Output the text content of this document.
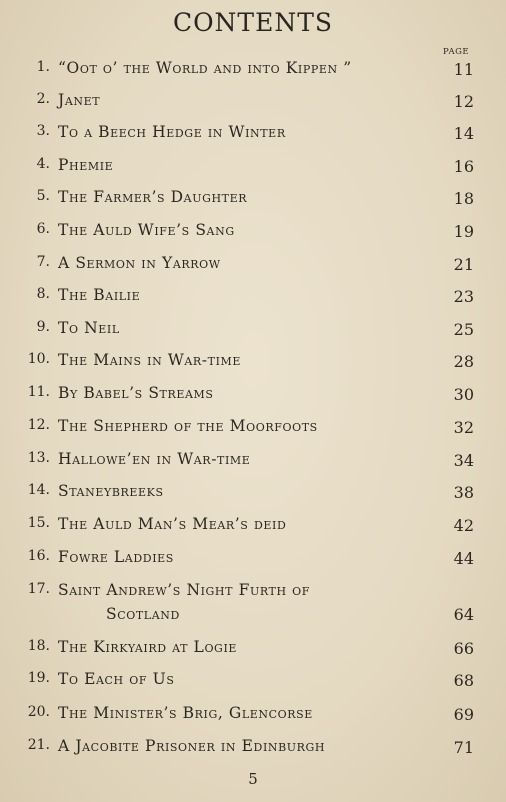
CONTENTS
PAGE
1. “Oot o’ the World and into Kippen ”	11
2. Janet	12
3. To a Beech Hedge in Winter	14
4. Phemie	16
5. The Farmer’s Daughter	18
6. The Auld Wife’s Sang	19
7. A Sermon in Yarrow	21
8. The Bailie	23
9. To Neil	25
10. The Mains in War-time	28
11. By Babel’s Streams	30
12. The Shepherd of the Moorfoots	32
13. Hallowe’en in War-time	34
14. Staneybreeks	38
15. The Auld Man’s Mear’s deid	42
16. Fowre Laddies	44
17. Saint Andrew’s Night Furth of
Scotland	64
18. The Kirkyaird at Logie	66
19. To Each of Us	68
20. The Minister’s Brig, Glencorse	69
21. A Jacobite Prisoner in Edinburgh	71
5
